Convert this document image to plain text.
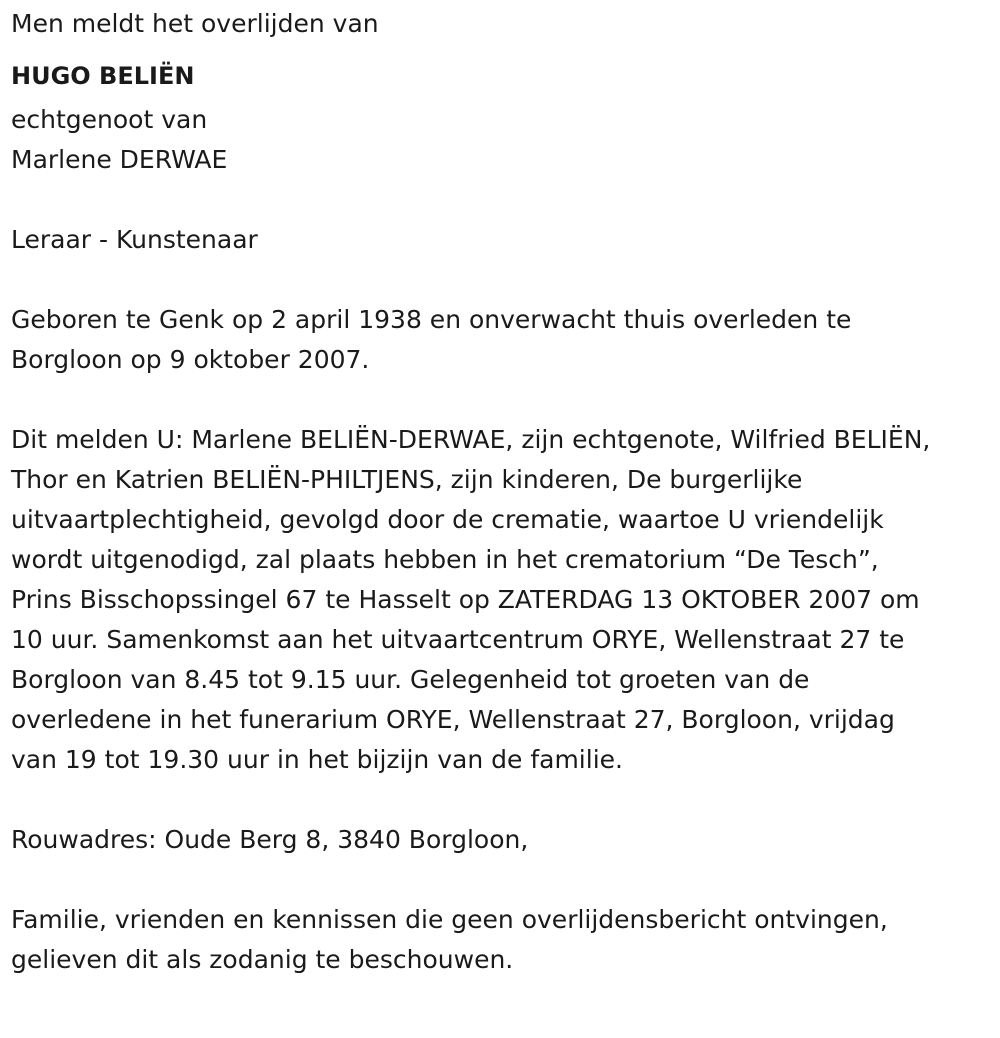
Men meldt het overlijden van

HUGO BELIËN

echtgenoot van

Marlene DERWAE

Leraar - Kunstenaar

Geboren te Genk op 2 april 1938 en onverwacht thuis overleden te
Borgloon op 9 oktober 2007.

Dit melden U: Marlene BELIËN-DERWAE, zijn echtgenote, Wilfried BELIËN,
Thor en Katrien BELIËN-PHILTJENS, zijn kinderen, De burgerlijke
uitvaartplechtigheid, gevolgd door de crematie, waartoe U vriendelijk
wordt uitgenodigd, zal plaats hebben in het crematorium “De Tesch”,
Prins Bisschopssingel 67 te Hasselt op ZATERDAG 13 OKTOBER 2007 om
10 uur. Samenkomst aan het uitvaartcentrum ORYE, Wellenstraat 27 te
Borgloon van 8.45 tot 9.15 uur. Gelegenheid tot groeten van de
overledene in het funerarium ORYE, Wellenstraat 27, Borgloon, vrijdag
van 19 tot 19.30 uur in het bijzijn van de familie.

Rouwadres: Oude Berg 8, 3840 Borgloon,

Familie, vrienden en kennissen die geen overlijdensbericht ontvingen,
gelieven dit als zodanig te beschouwen.
